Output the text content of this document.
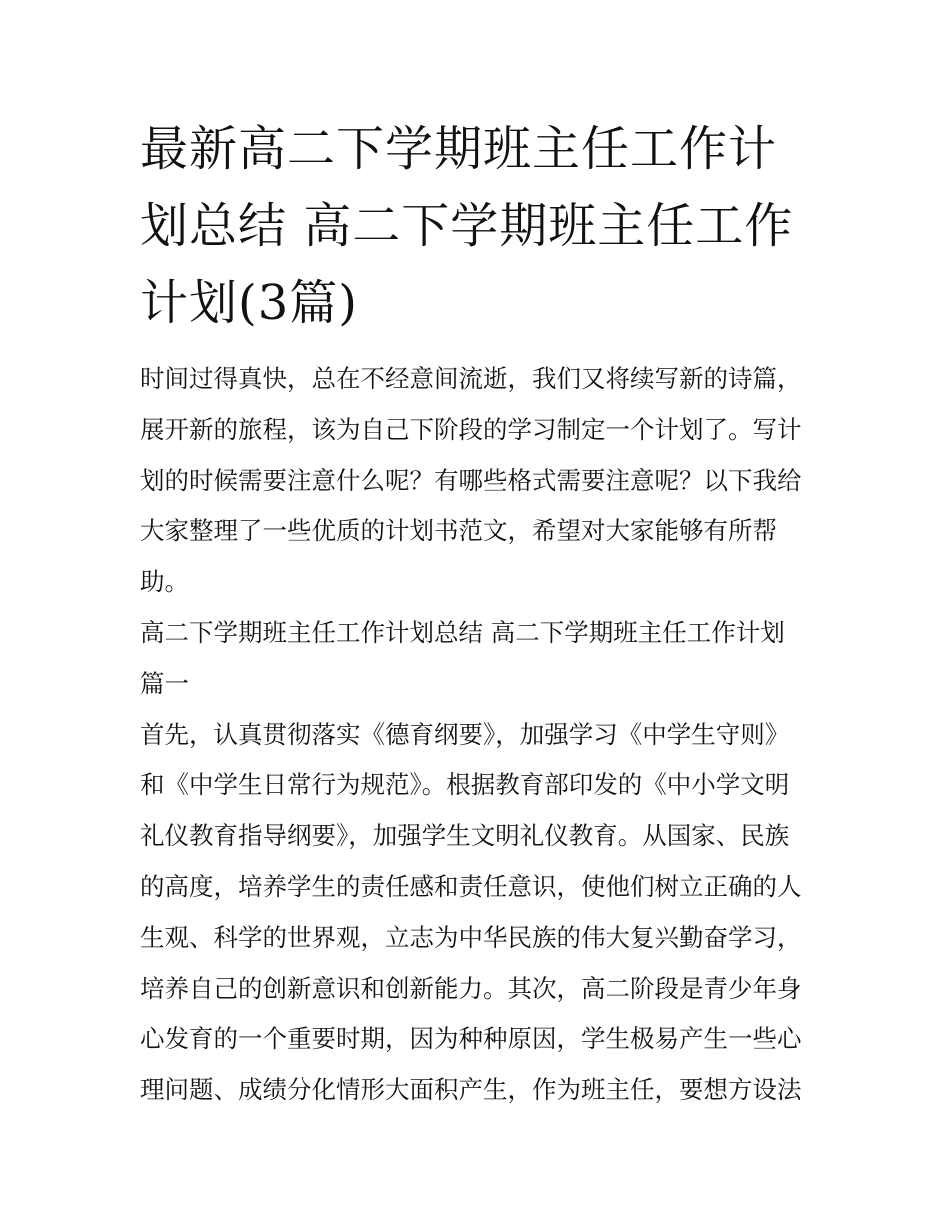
最新高二下学期班主任工作计
划总结 高二下学期班主任工作
计划(3篇)
时间过得真快，总在不经意间流逝，我们又将续写新的诗篇，
展开新的旅程，该为自己下阶段的学习制定一个计划了。写计
划的时候需要注意什么呢？有哪些格式需要注意呢？以下我给
大家整理了一些优质的计划书范文，希望对大家能够有所帮
助。
高二下学期班主任工作计划总结 高二下学期班主任工作计划
篇一
首先，认真贯彻落实《德育纲要》，加强学习《中学生守则》
和《中学生日常行为规范》。根据教育部印发的《中小学文明
礼仪教育指导纲要》，加强学生文明礼仪教育。从国家、民族
的高度，培养学生的责任感和责任意识，使他们树立正确的人
生观、科学的世界观，立志为中华民族的伟大复兴勤奋学习，
培养自己的创新意识和创新能力。其次，高二阶段是青少年身
心发育的一个重要时期，因为种种原因，学生极易产生一些心
理问题、成绩分化情形大面积产生，作为班主任，要想方设法
